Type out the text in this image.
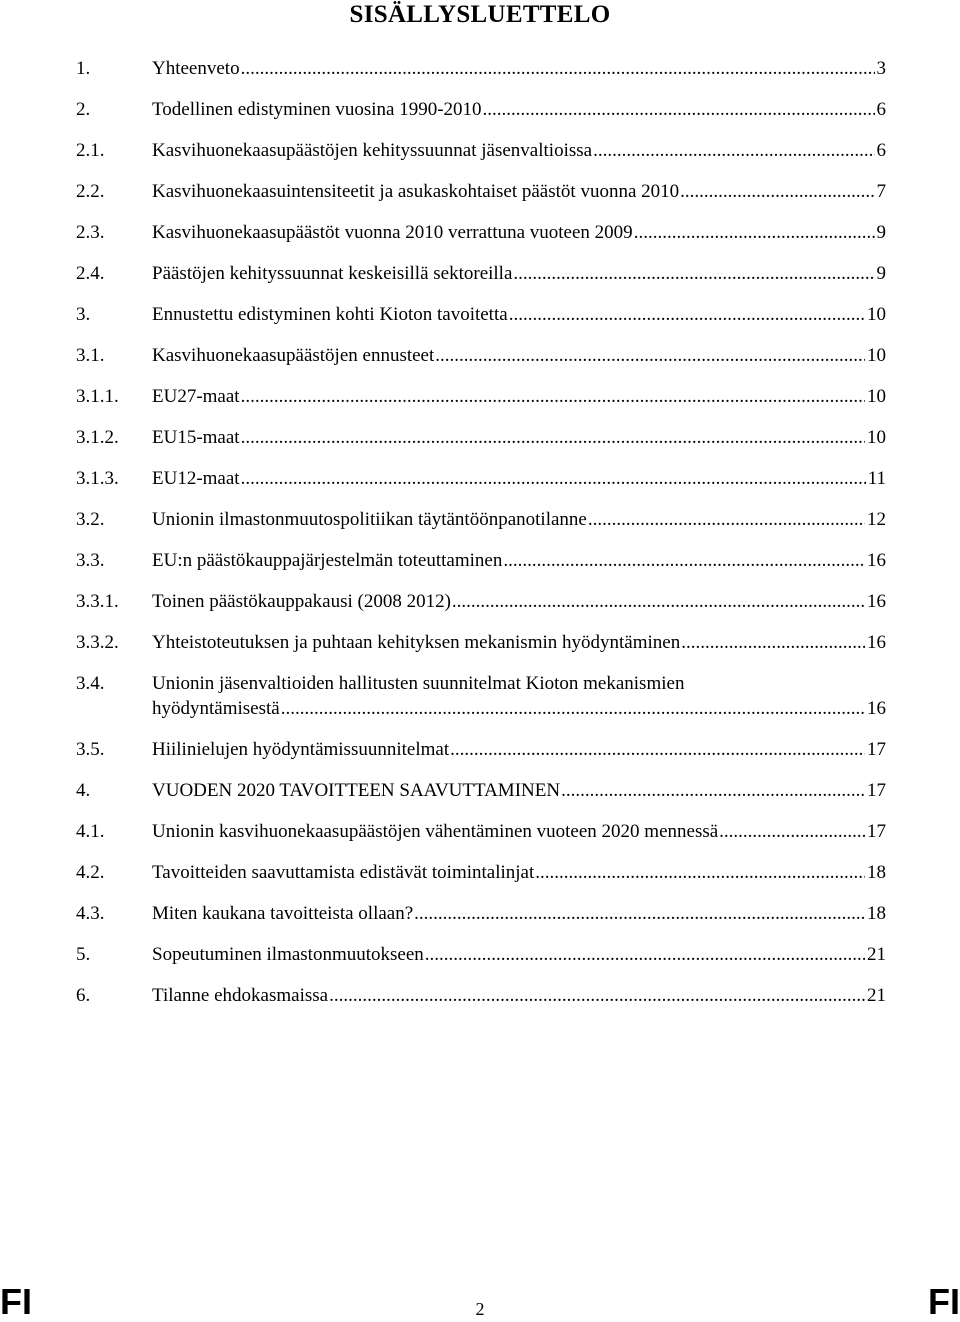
SISÄLLYSLUETTELO
1.	Yhteenveto .....	3
2.	Todellinen edistyminen vuosina 1990-2010 .....	6
2.1.	Kasvihuonekaasupäästöjen kehityssuunnat jäsenvaltioissa .....	6
2.2.	Kasvihuonekaasuintensiteetit ja asukaskohtaiset päästöt vuonna 2010 .....	7
2.3.	Kasvihuonekaasupäästöt vuonna 2010 verrattuna vuoteen 2009 .....	9
2.4.	Päästöjen kehityssuunnat keskeisillä sektoreilla .....	9
3.	Ennustettu edistyminen kohti Kioton tavoitetta .....	10
3.1.	Kasvihuonekaasupäästöjen ennusteet .....	10
3.1.1. EU27-maat .....	10
3.1.2. EU15-maat .....	10
3.1.3. EU12-maat .....	11
3.2.	Unionin ilmastonmuutospolitiikan täytäntöönpanotilanne .....	12
3.3.	EU:n päästökauppajärjestelmän toteuttaminen .....	16
3.3.1. Toinen päästökauppakausi (2008 2012) .....	16
3.3.2. Yhteistoteutuksen ja puhtaan kehityksen mekanismin hyödyntäminen .....	16
3.4.	Unionin jäsenvaltioiden hallitusten suunnitelmat Kioton mekanismien
hyödyntämisestä .....	16
3.5.	Hiilinielujen hyödyntämissuunnitelmat .....	17
4.	VUODEN 2020 TAVOITTEEN SAAVUTTAMINEN .....	17
4.1.	Unionin kasvihuonekaasupäästöjen vähentäminen vuoteen 2020 mennessä .....	17
4.2.	Tavoitteiden saavuttamista edistävät toimintalinjat .....	18
4.3.	Miten kaukana tavoitteista ollaan? .....	18
5.	Sopeutuminen ilmastonmuutokseen .....	21
6.	Tilanne ehdokasmaissa .....	21
FI	2	FI
